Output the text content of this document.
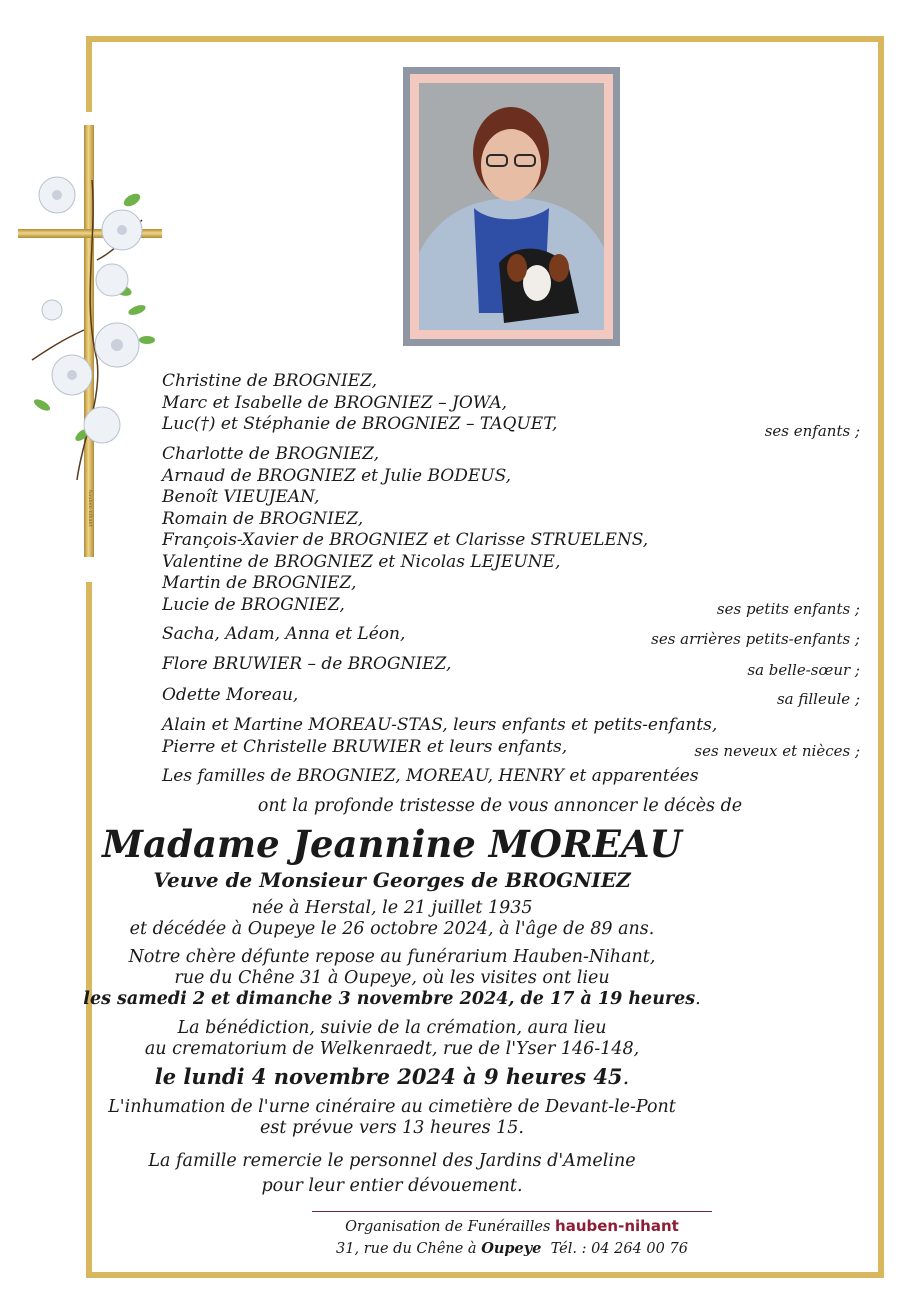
hauben-nihant
Christine de BROGNIEZ,
Marc et Isabelle de BROGNIEZ – JOWA,
Luc(†) et Stéphanie de BROGNIEZ – TAQUET,	ses enfants ;
Charlotte de BROGNIEZ,
Arnaud de BROGNIEZ et Julie BODEUS,
Benoît VIEUJEAN,
Romain de BROGNIEZ,
François-Xavier de BROGNIEZ et Clarisse STRUELENS,
Valentine de BROGNIEZ et Nicolas LEJEUNE,
Martin de BROGNIEZ,
Lucie de BROGNIEZ,	ses petits enfants ;
Sacha, Adam, Anna et Léon,	ses arrières petits-enfants ;
Flore BRUWIER – de BROGNIEZ,	sa belle-sœur ;
Odette Moreau,	sa filleule ;
Alain et Martine MOREAU-STAS, leurs enfants et petits-enfants,
Pierre et Christelle BRUWIER et leurs enfants,	ses neveux et nièces ;
Les familles de BROGNIEZ, MOREAU, HENRY et apparentées
ont la profonde tristesse de vous annoncer le décès de
Madame Jeannine MOREAU
Veuve de Monsieur Georges de BROGNIEZ
née à Herstal, le 21 juillet 1935
et décédée à Oupeye le 26 octobre 2024, à l'âge de 89 ans.
Notre chère défunte repose au funérarium Hauben-Nihant,
rue du Chêne 31 à Oupeye, où les visites ont lieu
les samedi 2 et dimanche 3 novembre 2024, de 17 à 19 heures.
La bénédiction, suivie de la crémation, aura lieu
au crematorium de Welkenraedt, rue de l'Yser 146-148,
le lundi 4 novembre 2024 à 9 heures 45.
L'inhumation de l'urne cinéraire au cimetière de Devant-le-Pont
est prévue vers 13 heures 15.
La famille remercie le personnel des Jardins d'Ameline
pour leur entier dévouement.
Organisation de Funérailles hauben-nihant
31, rue du Chêne à Oupeye Tél. : 04 264 00 76
